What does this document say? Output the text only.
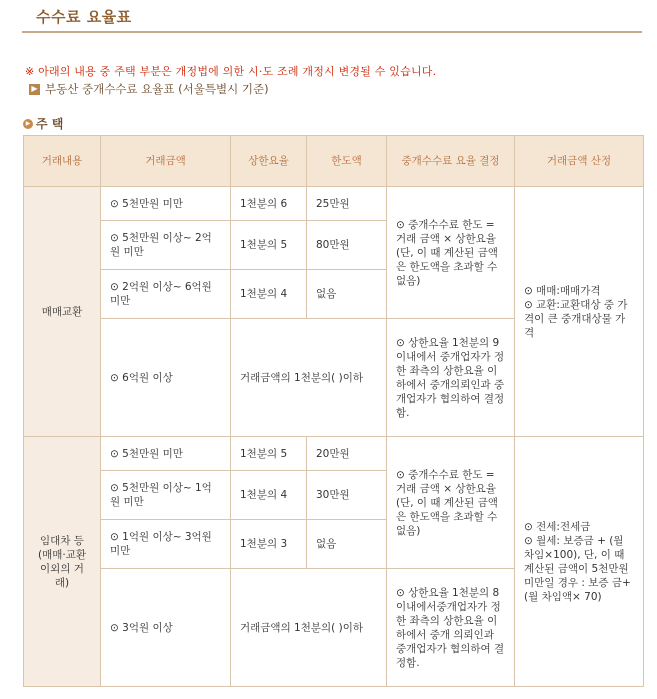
수수료 요율표
※ 아래의 내용 중 주택 부분은 개정법에 의한 시·도 조례 개정시 변경될 수 있습니다.
▶ 부동산 중개수수료 요율표 (서울특별시 기준)
▶ 주 택
거래내용	거래금액	상한요율	한도액	중개수수료 요율 결정	거래금액 산정
매매교환	⊙ 5천만원 미만	1천분의 6	25만원	⊙ 중개수수료 한도 = 거래 금액 × 상한요율 (단, 이 때 계산된 금액은 한도액을 초과할 수 없음)	⊙ 매매:매매가격
⊙ 교환:교환대상 중 가격이 큰 중개대상물 가격
	⊙ 5천만원 이상~ 2억원 미만	1천분의 5	80만원		
	⊙ 2억원 이상~ 6억원 미만	1천분의 4	없음		
	⊙ 6억원 이상	거래금액의 1천분의( )이하		⊙ 상한요율 1천분의 9 이내에서 중개업자가 정한 좌측의 상한요율 이하에서 중개의뢰인과 중개업자가 협의하여 결정함.	
임대차 등
(매매·교환 이외의 거래)	⊙ 5천만원 미만	1천분의 5	20만원	⊙ 중개수수료 한도 = 거래 금액 × 상한요율 (단, 이 때 계산된 금액은 한도액을 초과할 수 없음)	⊙ 전세:전세금
⊙ 월세: 보증금 + (월 차임×100), 단, 이 때 계산된 금액이 5천만원 미만일 경우 : 보증 금+(월 차임액× 70)
	⊙ 5천만원 이상~ 1억원 미만	1천분의 4	30만원		
	⊙ 1억원 이상~ 3억원 미만	1천분의 3	없음		
	⊙ 3억원 이상	거래금액의 1천분의( )이하		⊙ 상한요율 1천분의 8 이내에서중개업자가 정한 좌측의 상한요율 이하에서 중개 의뢰인과 중개업자가 협의하여 결정함.	
